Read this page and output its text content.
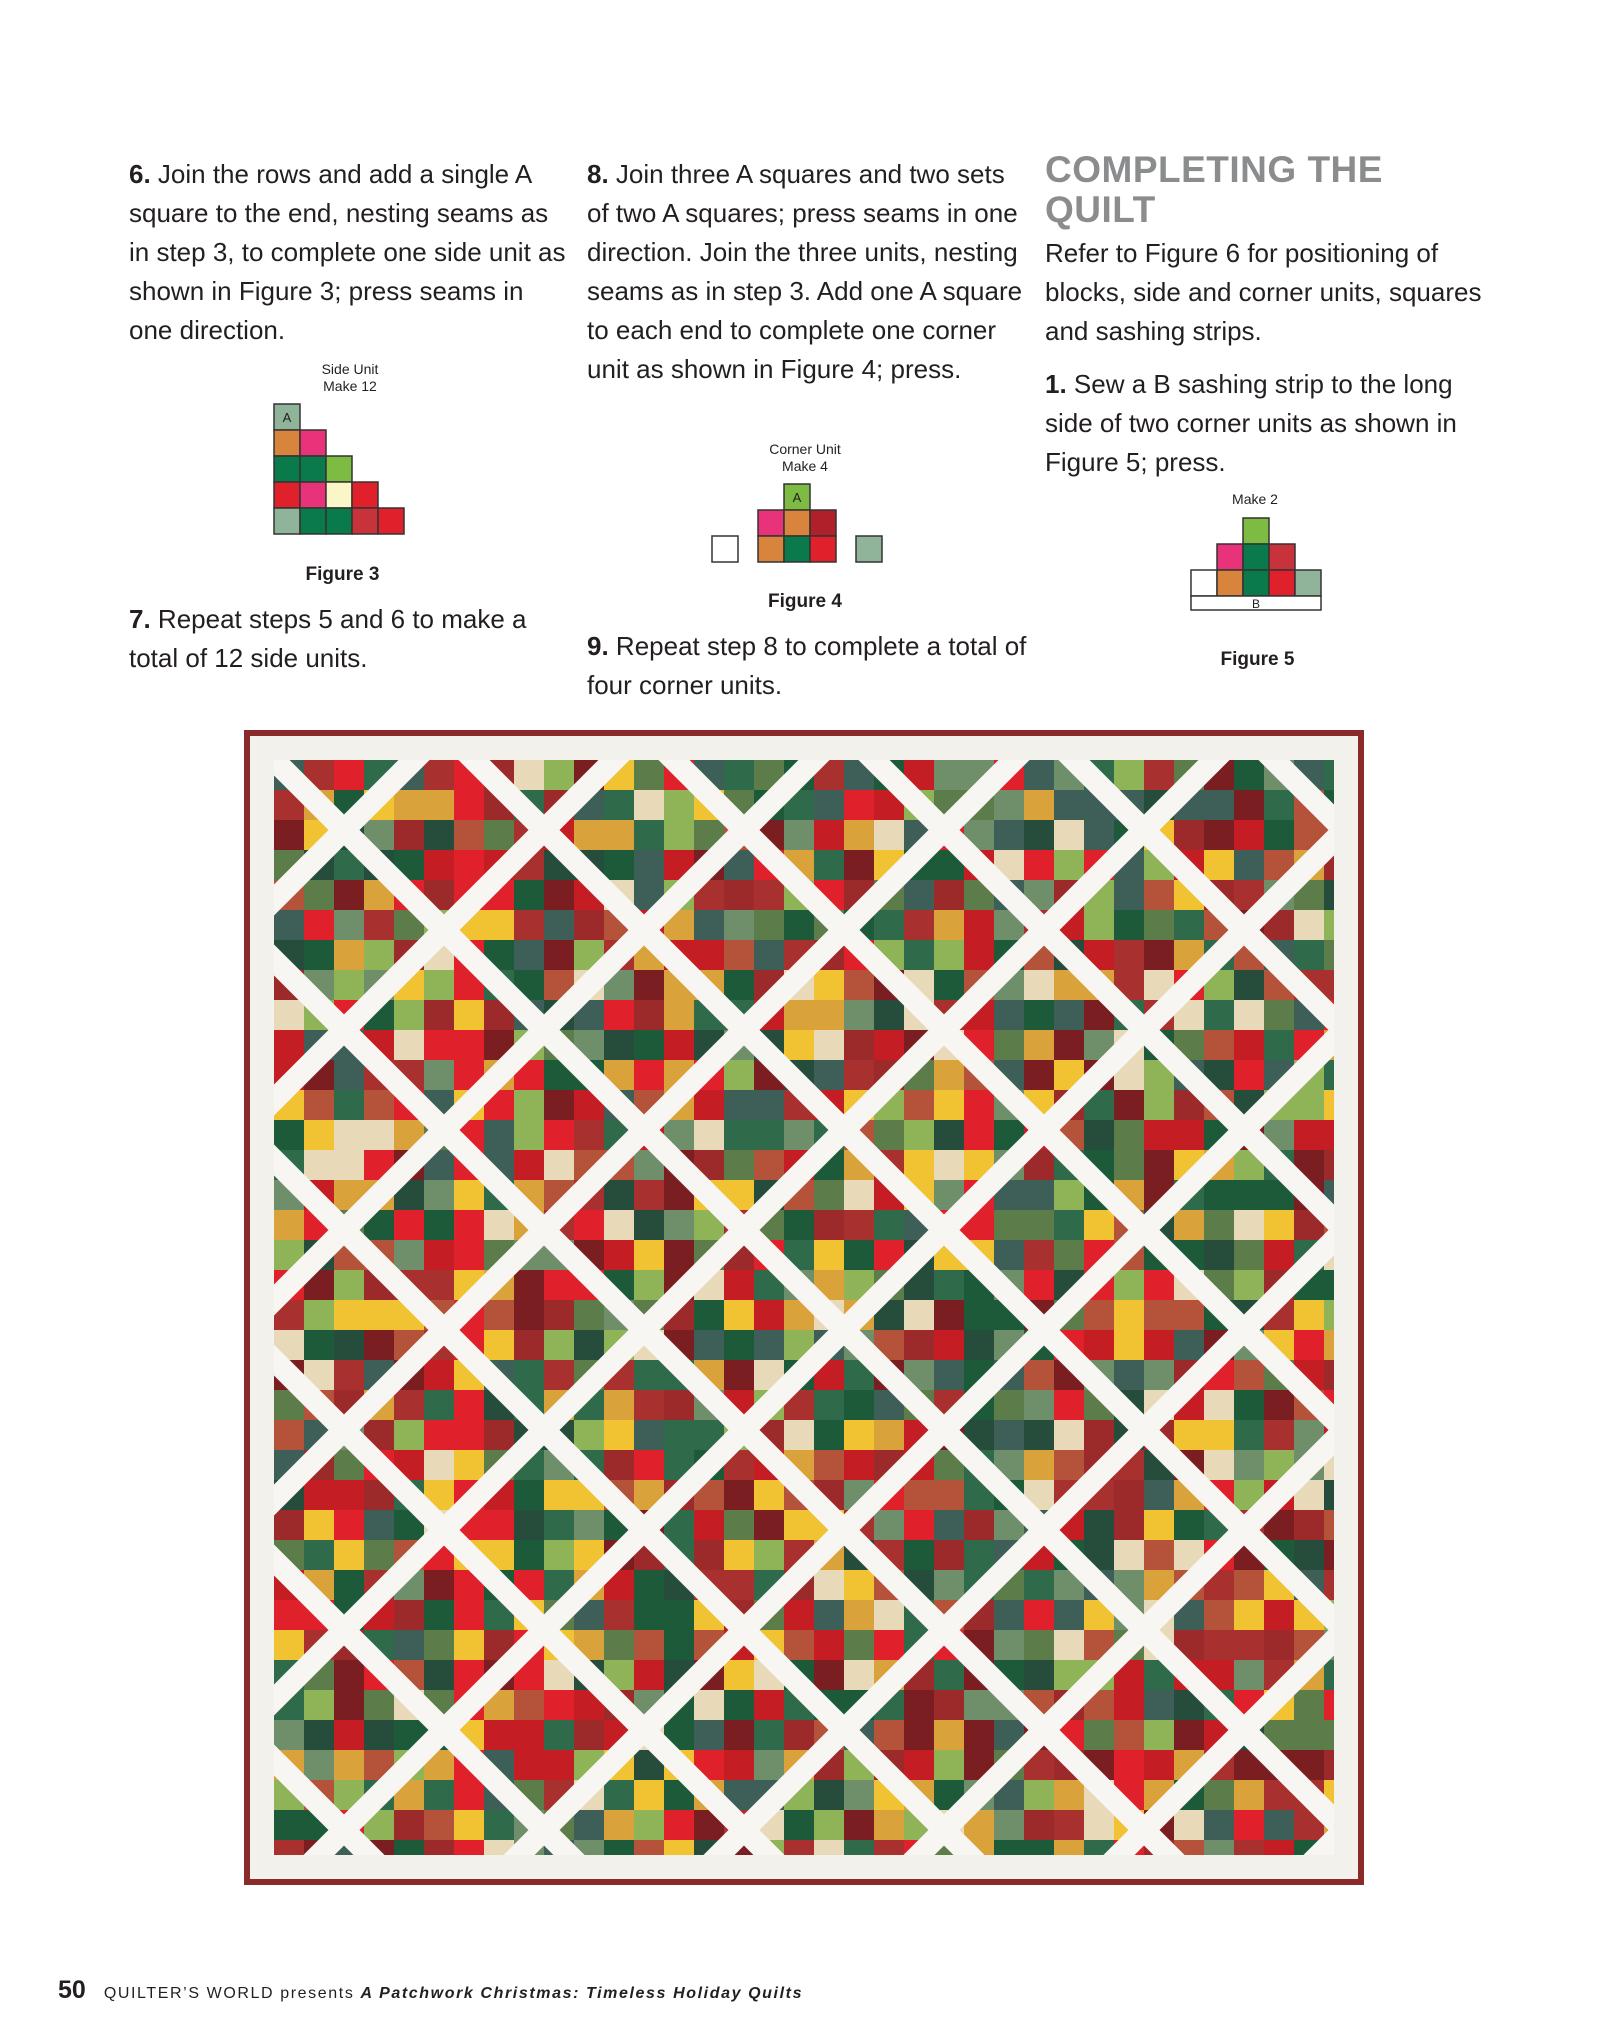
6. Join the rows and add a single A square to the end, nesting seams as in step 3, to complete one side unit as shown in Figure 3; press seams in one direction.

Side Unit
Make 12
A
Figure 3

7. Repeat steps 5 and 6 to make a total of 12 side units.

8. Join three A squares and two sets of two A squares; press seams in one direction. Join the three units, nesting seams as in step 3. Add one A square to each end to complete one corner unit as shown in Figure 4; press.

Corner Unit
Make 4
A
Figure 4

9. Repeat step 8 to complete a total of four corner units.

COMPLETING THE QUILT

Refer to Figure 6 for positioning of blocks, side and corner units, squares and sashing strips.

1. Sew a B sashing strip to the long side of two corner units as shown in Figure 5; press.

Make 2
B
Figure 5
50 QUILTER’S WORLD presents A Patchwork Christmas: Timeless Holiday Quilts
